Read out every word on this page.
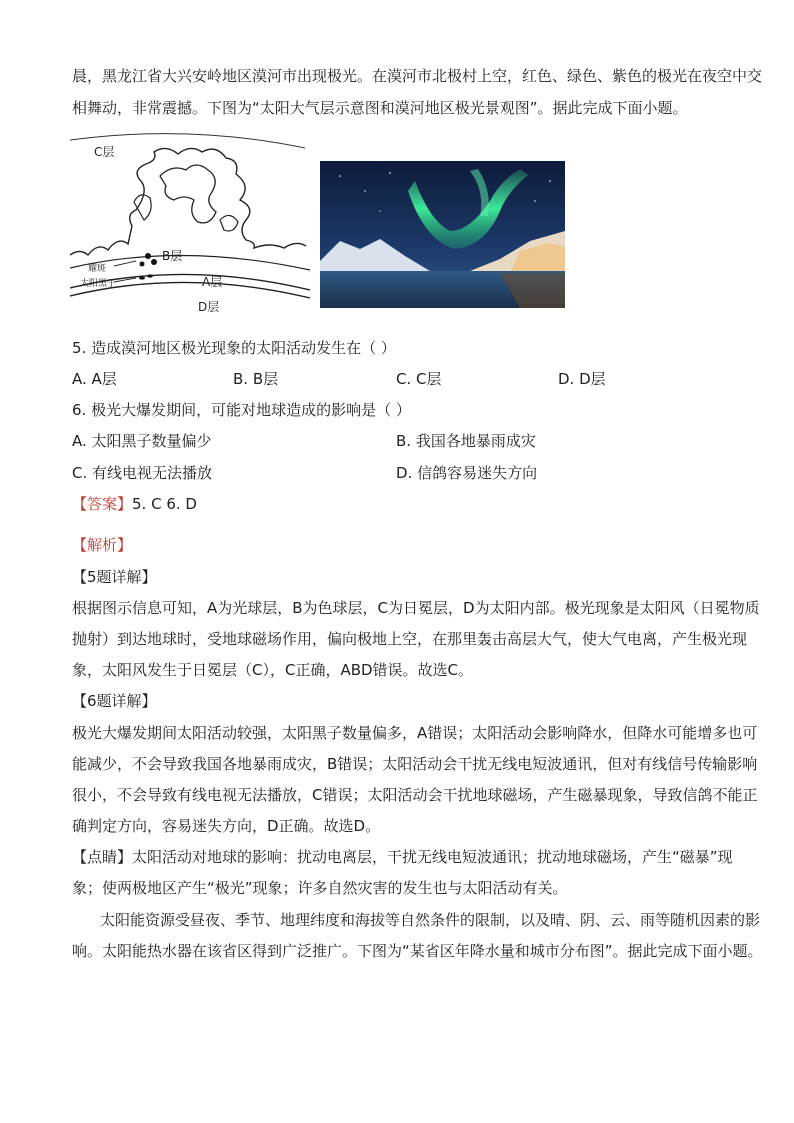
晨，黑龙江省大兴安岭地区漠河市出现极光。在漠河市北极村上空，红色、绿色、紫色的极光在夜空中交
相舞动，非常震撼。下图为“太阳大气层示意图和漠河地区极光景观图”。据此完成下面小题。
C层
B层
A层
D层
耀斑
太阳黑子
5. 造成漠河地区极光现象的太阳活动发生在（ ）
A. A层	B. B层	C. C层	D. D层
6. 极光大爆发期间，可能对地球造成的影响是（ ）
A. 太阳黑子数量偏少	B. 我国各地暴雨成灾
C. 有线电视无法播放	D. 信鸽容易迷失方向
【答案】5. C 6. D
【解析】
【5题详解】
根据图示信息可知，A为光球层，B为色球层，C为日冕层，D为太阳内部。极光现象是太阳风（日冕物质
抛射）到达地球时，受地球磁场作用，偏向极地上空，在那里轰击高层大气，使大气电离，产生极光现
象，太阳风发生于日冕层（C），C正确，ABD错误。故选C。
【6题详解】
极光大爆发期间太阳活动较强，太阳黑子数量偏多，A错误；太阳活动会影响降水，但降水可能增多也可
能减少，不会导致我国各地暴雨成灾，B错误；太阳活动会干扰无线电短波通讯，但对有线信号传输影响
很小，不会导致有线电视无法播放，C错误；太阳活动会干扰地球磁场，产生磁暴现象，导致信鸽不能正
确判定方向，容易迷失方向，D正确。故选D。
【点睛】太阳活动对地球的影响：扰动电离层，干扰无线电短波通讯；扰动地球磁场，产生“磁暴”现
象；使两极地区产生“极光”现象；许多自然灾害的发生也与太阳活动有关。
太阳能资源受昼夜、季节、地理纬度和海拔等自然条件的限制，以及晴、阴、云、雨等随机因素的影
响。太阳能热水器在该省区得到广泛推广。下图为“某省区年降水量和城市分布图”。据此完成下面小题。
